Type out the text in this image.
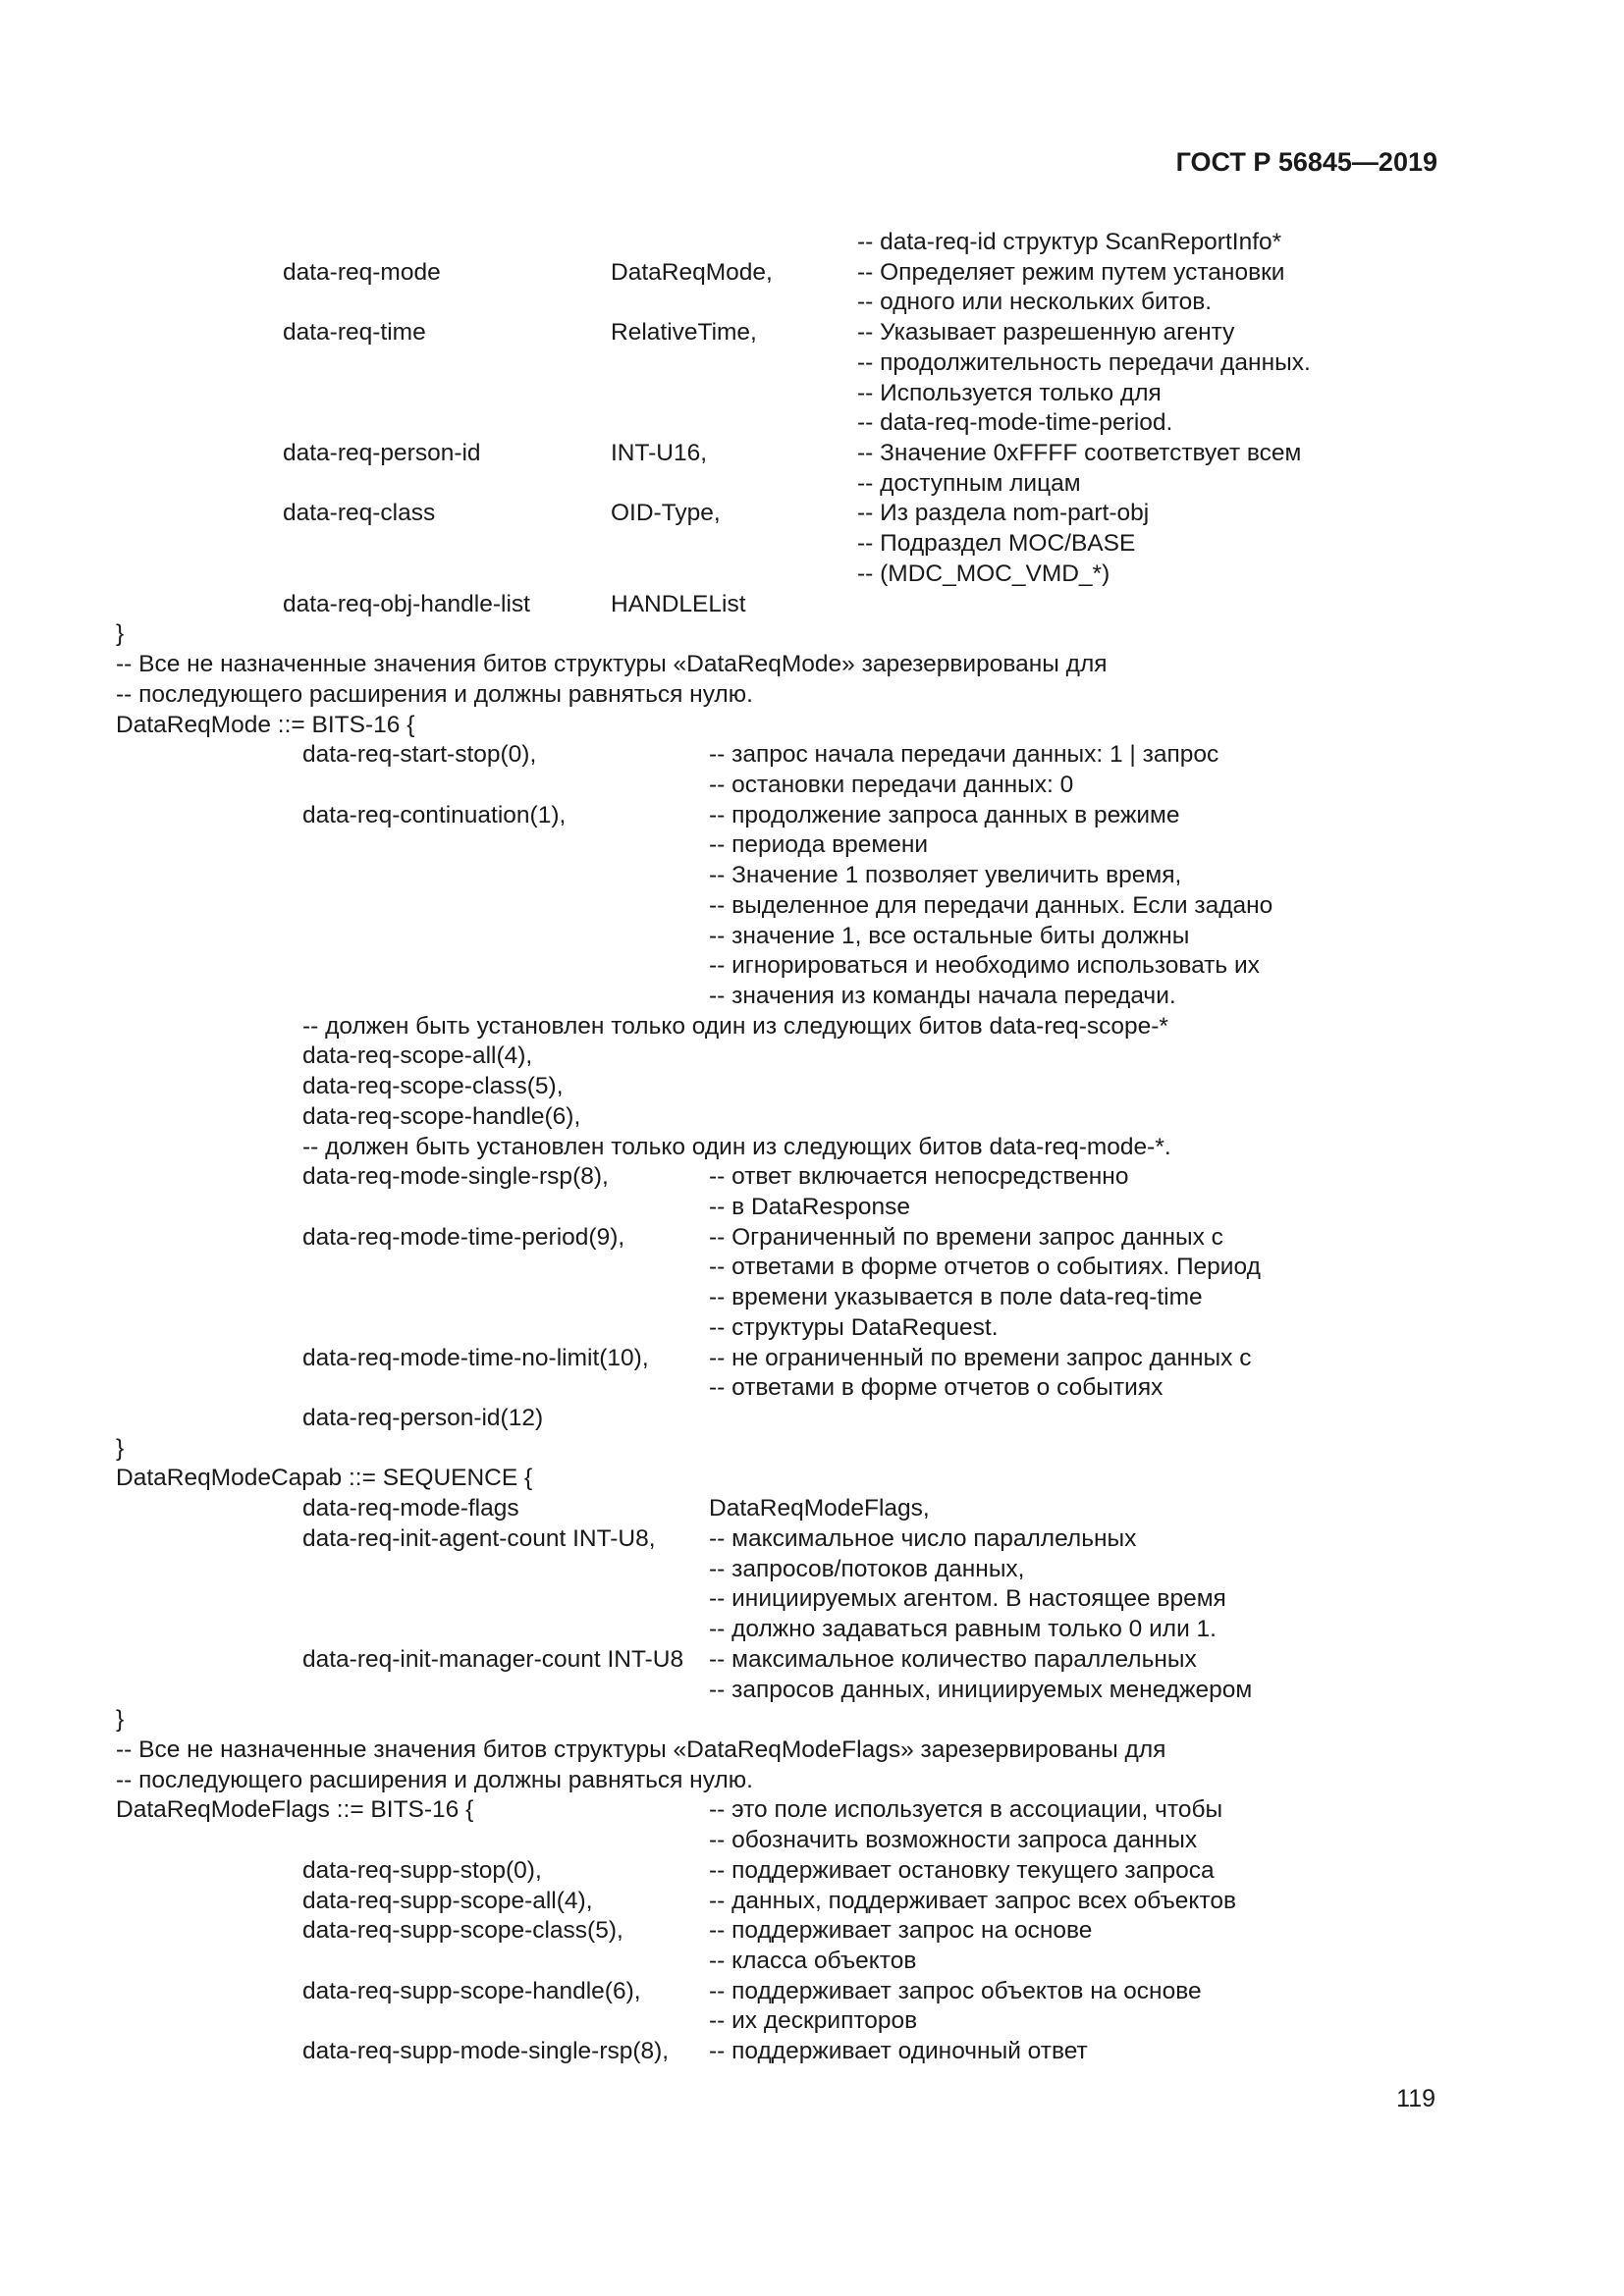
ГОСТ Р 56845—2019
-- data-req-id структур ScanReportInfo*
data-req-mode	DataReqMode,	-- Определяет режим путем установки
-- одного или нескольких битов.
data-req-time	RelativeTime,	-- Указывает разрешенную агенту
-- продолжительность передачи данных.
-- Используется только для
-- data-req-mode-time-period.
data-req-person-id	INT-U16,	-- Значение 0xFFFF соответствует всем
-- доступным лицам
data-req-class	OID-Type,	-- Из раздела nom-part-obj
-- Подраздел MOC/BASE
-- (MDC_MOC_VMD_*)
data-req-obj-handle-list	HANDLEList
}
-- Все не назначенные значения битов структуры «DataReqMode» зарезервированы для
-- последующего расширения и должны равняться нулю.
DataReqMode ::= BITS-16 {
data-req-start-stop(0),	-- запрос начала передачи данных: 1 | запрос
-- остановки передачи данных: 0
data-req-continuation(1),	-- продолжение запроса данных в режиме
-- периода времени
-- Значение 1 позволяет увеличить время,
-- выделенное для передачи данных. Если задано
-- значение 1, все остальные биты должны
-- игнорироваться и необходимо использовать их
-- значения из команды начала передачи.
-- должен быть установлен только один из следующих битов data-req-scope-*
data-req-scope-all(4),
data-req-scope-class(5),
data-req-scope-handle(6),
-- должен быть установлен только один из следующих битов data-req-mode-*.
data-req-mode-single-rsp(8),	-- ответ включается непосредственно
-- в DataResponse
data-req-mode-time-period(9),	-- Ограниченный по времени запрос данных с
-- ответами в форме отчетов о событиях. Период
-- времени указывается в поле data-req-time
-- структуры DataRequest.
data-req-mode-time-no-limit(10),	-- не ограниченный по времени запрос данных с
-- ответами в форме отчетов о событиях
data-req-person-id(12)
}
DataReqModeCapab ::= SEQUENCE {
data-req-mode-flags	DataReqModeFlags,
data-req-init-agent-count INT-U8, -- максимальное число параллельных
-- запросов/потоков данных,
-- инициируемых агентом. В настоящее время
-- должно задаваться равным только 0 или 1.
data-req-init-manager-count INT-U8 -- максимальное количество параллельных
-- запросов данных, инициируемых менеджером
}
-- Все не назначенные значения битов структуры «DataReqModeFlags» зарезервированы для
-- последующего расширения и должны равняться нулю.
DataReqModeFlags ::= BITS-16 {	-- это поле используется в ассоциации, чтобы
-- обозначить возможности запроса данных
data-req-supp-stop(0),	-- поддерживает остановку текущего запроса
data-req-supp-scope-all(4),	-- данных, поддерживает запрос всех объектов
data-req-supp-scope-class(5),	-- поддерживает запрос на основе
-- класса объектов
data-req-supp-scope-handle(6),	-- поддерживает запрос объектов на основе
-- их дескрипторов
data-req-supp-mode-single-rsp(8), -- поддерживает одиночный ответ
119
